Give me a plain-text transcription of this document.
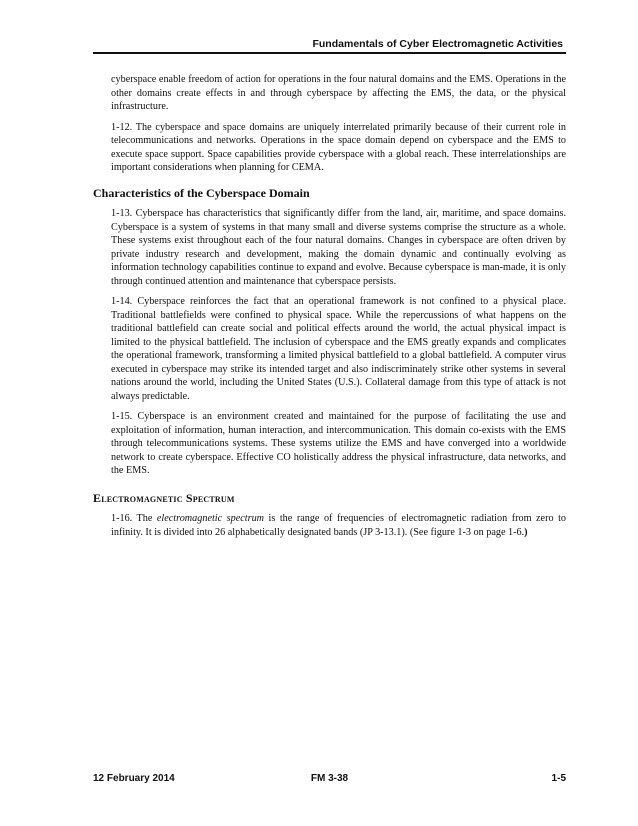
Fundamentals of Cyber Electromagnetic Activities

cyberspace enable freedom of action for operations in the four natural domains and the EMS. Operations in the other domains create effects in and through cyberspace by affecting the EMS, the data, or the physical infrastructure.

1-12. The cyberspace and space domains are uniquely interrelated primarily because of their current role in telecommunications and networks. Operations in the space domain depend on cyberspace and the EMS to execute space support. Space capabilities provide cyberspace with a global reach. These interrelationships are important considerations when planning for CEMA.

Characteristics of the Cyberspace Domain

1-13. Cyberspace has characteristics that significantly differ from the land, air, maritime, and space domains. Cyberspace is a system of systems in that many small and diverse systems comprise the structure as a whole. These systems exist throughout each of the four natural domains. Changes in cyberspace are often driven by private industry research and development, making the domain dynamic and continually evolving as information technology capabilities continue to expand and evolve. Because cyberspace is man-made, it is only through continued attention and maintenance that cyberspace persists.

1-14. Cyberspace reinforces the fact that an operational framework is not confined to a physical place. Traditional battlefields were confined to physical space. While the repercussions of what happens on the traditional battlefield can create social and political effects around the world, the actual physical impact is limited to the physical battlefield. The inclusion of cyberspace and the EMS greatly expands and complicates the operational framework, transforming a limited physical battlefield to a global battlefield. A computer virus executed in cyberspace may strike its intended target and also indiscriminately strike other systems in several nations around the world, including the United States (U.S.). Collateral damage from this type of attack is not always predictable.

1-15. Cyberspace is an environment created and maintained for the purpose of facilitating the use and exploitation of information, human interaction, and intercommunication. This domain co-exists with the EMS through telecommunications systems. These systems utilize the EMS and have converged into a worldwide network to create cyberspace. Effective CO holistically address the physical infrastructure, data networks, and the EMS.

Electromagnetic Spectrum

1-16. The electromagnetic spectrum is the range of frequencies of electromagnetic radiation from zero to infinity. It is divided into 26 alphabetically designated bands (JP 3-13.1). (See figure 1-3 on page 1-6.)

12 February 2014	FM 3-38	1-5
